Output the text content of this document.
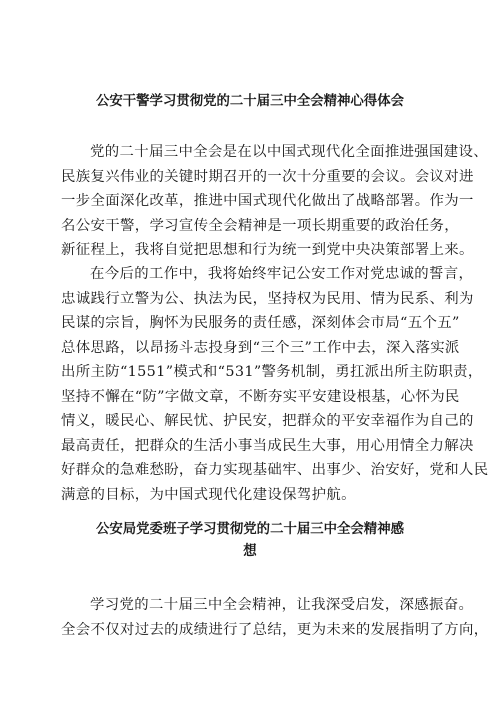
公安干警学习贯彻党的二十届三中全会精神心得体会
党的二十届三中全会是在以中国式现代化全面推进强国建设、
民族复兴伟业的关键时期召开的一次十分重要的会议。会议对进
一步全面深化改革，推进中国式现代化做出了战略部署。作为一
名公安干警，学习宣传全会精神是一项长期重要的政治任务，
新征程上，我将自觉把思想和行为统一到党中央决策部署上来。
在今后的工作中，我将始终牢记公安工作对党忠诚的誓言，
忠诚践行立警为公、执法为民，坚持权为民用、情为民系、利为
民谋的宗旨，胸怀为民服务的责任感，深刻体会市局“五个五”
总体思路，以昂扬斗志投身到“三个三”工作中去，深入落实派
出所主防“1551”模式和“531”警务机制，勇扛派出所主防职责，
坚持不懈在“防”字做文章，不断夯实平安建设根基，心怀为民
情义，暖民心、解民忧、护民安，把群众的平安幸福作为自己的
最高责任，把群众的生活小事当成民生大事，用心用情全力解决
好群众的急难愁盼，奋力实现基础牢、出事少、治安好，党和人民
满意的目标，为中国式现代化建设保驾护航。
公安局党委班子学习贯彻党的二十届三中全会精神感
想
学习党的二十届三中全会精神，让我深受启发，深感振奋。
全会不仅对过去的成绩进行了总结，更为未来的发展指明了方向，
